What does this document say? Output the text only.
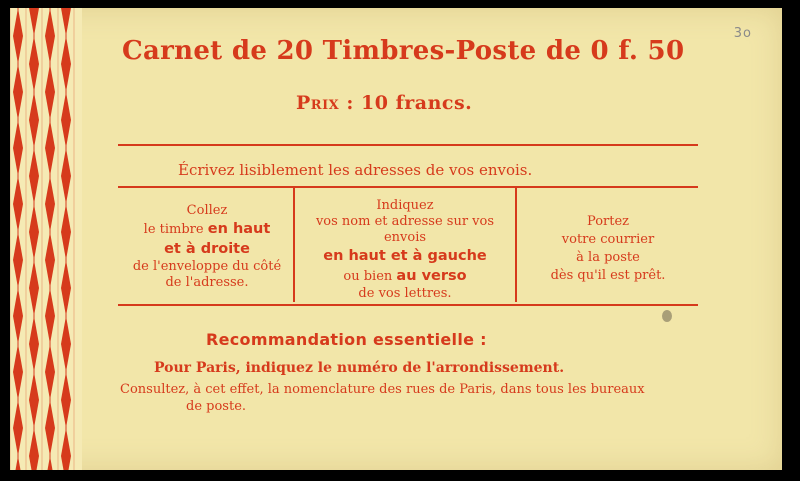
3o
Carnet de 20 Timbres-Poste de 0 f. 50
Prix : 10 francs.
Écrivez lisiblement les adresses de vos envois.
Collez
le timbre en haut
et à droite
de l'enveloppe du côté
de l'adresse.
Indiquez
vos nom et adresse sur vos
envois
en haut et à gauche
ou bien au verso
de vos lettres.
Portez
votre courrier
à la poste
dès qu'il est prêt.
Recommandation essentielle :
Pour Paris, indiquez le numéro de l'arrondissement.
Consultez, à cet effet, la nomenclature des rues de Paris, dans tous les bureaux
de poste.
